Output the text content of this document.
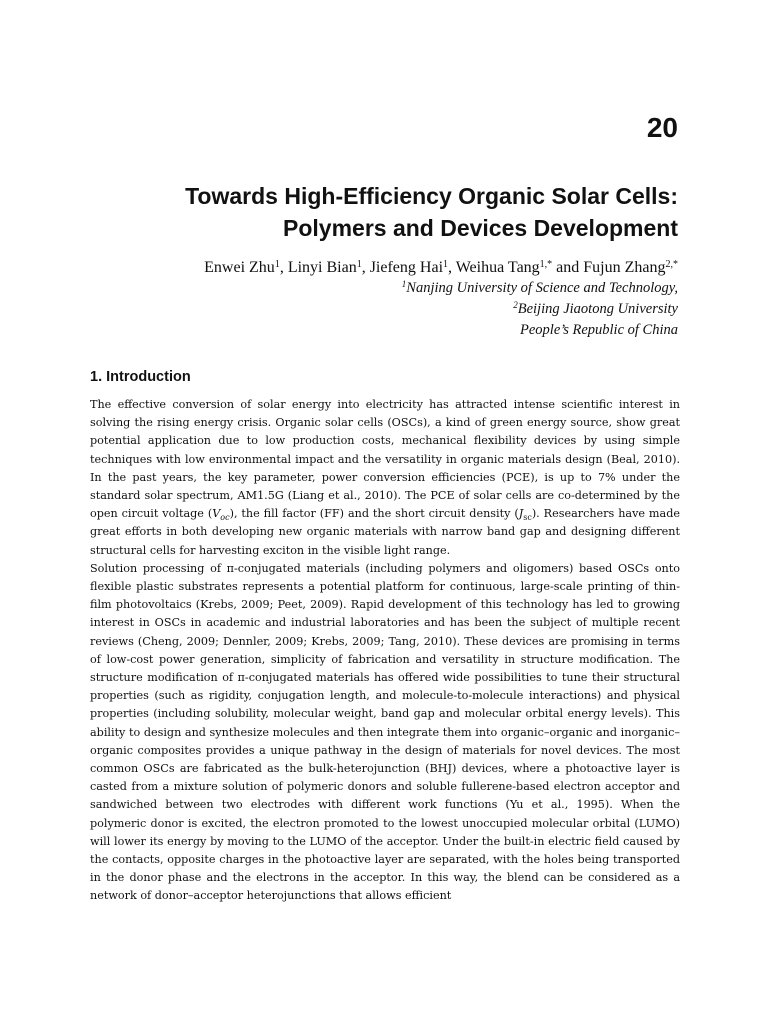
20
Towards High-Efficiency Organic Solar Cells:
Polymers and Devices Development
Enwei Zhu$^1$, Linyi Bian$^1$, Jiefeng Hai$^1$, Weihua Tang$^{1,*}$ and Fujun Zhang$^{2,*}$
$^1$Nanjing University of Science and Technology,
$^2$Beijing Jiaotong University
People’s Republic of China
1. Introduction

The effective conversion of solar energy into electricity has attracted intense scientific interest in solving the rising energy crisis. Organic solar cells (OSCs), a kind of green energy source, show great potential application due to low production costs, mechanical flexibility devices by using simple techniques with low environmental impact and the versatility in organic materials design (Beal, 2010). In the past years, the key parameter, power conversion efficiencies (PCE), is up to 7% under the standard solar spectrum, AM1.5G (Liang et al., 2010). The PCE of solar cells are co-determined by the open circuit voltage $(V_{oc})$, the fill factor (FF) and the short circuit density $(J_{sc})$. Researchers have made great efforts in both developing new organic materials with narrow band gap and designing different structural cells for harvesting exciton in the visible light range.

Solution processing of π-conjugated materials (including polymers and oligomers) based OSCs onto flexible plastic substrates represents a potential platform for continuous, large-scale printing of thin-film photovoltaics (Krebs, 2009; Peet, 2009). Rapid development of this technology has led to growing interest in OSCs in academic and industrial laboratories and has been the subject of multiple recent reviews (Cheng, 2009; Dennler, 2009; Krebs, 2009; Tang, 2010). These devices are promising in terms of low-cost power generation, simplicity of fabrication and versatility in structure modification. The structure modification of π-conjugated materials has offered wide possibilities to tune their structural properties (such as rigidity, conjugation length, and molecule-to-molecule interactions) and physical properties (including solubility, molecular weight, band gap and molecular orbital energy levels). This ability to design and synthesize molecules and then integrate them into organic–organic and inorganic–organic composites provides a unique pathway in the design of materials for novel devices. The most common OSCs are fabricated as the bulk-heterojunction (BHJ) devices, where a photoactive layer is casted from a mixture solution of polymeric donors and soluble fullerene-based electron acceptor and sandwiched between two electrodes with different work functions (Yu et al., 1995). When the polymeric donor is excited, the electron promoted to the lowest unoccupied molecular orbital (LUMO) will lower its energy by moving to the LUMO of the acceptor. Under the built-in electric field caused by the contacts, opposite charges in the photoactive layer are separated, with the holes being transported in the donor phase and the electrons in the acceptor. In this way, the blend can be considered as a network of donor–acceptor heterojunctions that allows efficient
